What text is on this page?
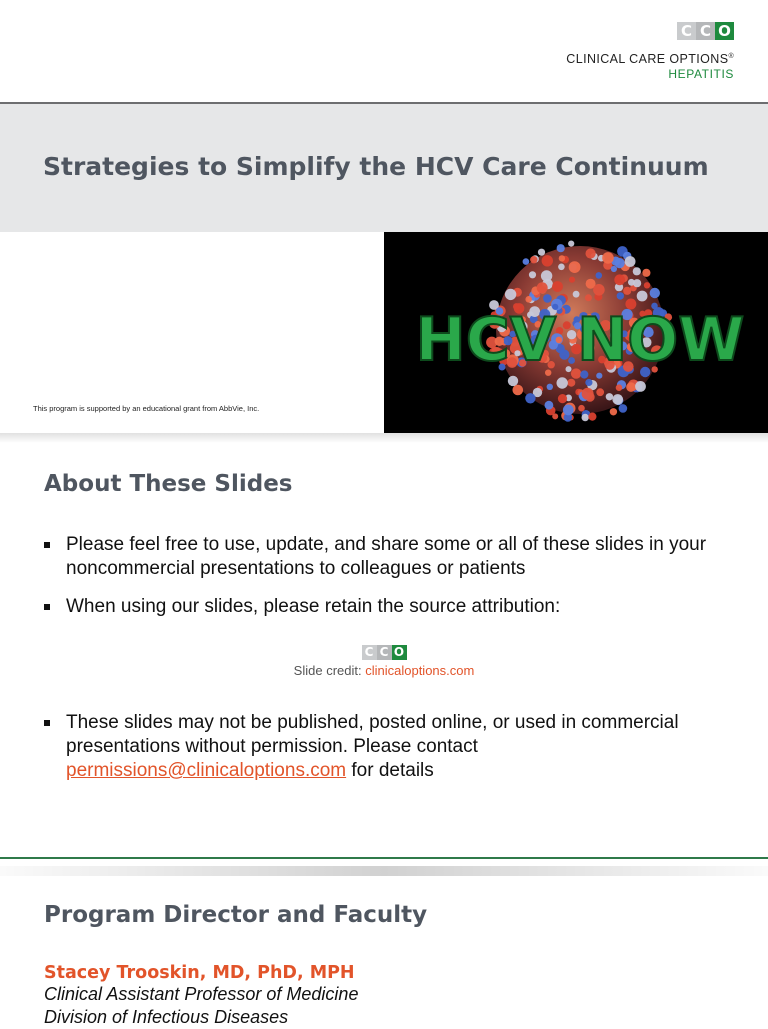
C C O
CLINICAL CARE OPTIONS®
HEPATITIS
Strategies to Simplify the HCV Care Continuum
This program is supported by an educational grant from AbbVie, Inc.
HCV NOW
About These Slides
Please feel free to use, update, and share some or all of these slides in your noncommercial presentations to colleagues or patients
When using our slides, please retain the source attribution:
C C O
Slide credit: clinicaloptions.com
These slides may not be published, posted online, or used in commercial presentations without permission. Please contact permissions@clinicaloptions.com for details
Program Director and Faculty
Stacey Trooskin, MD, PhD, MPH
Clinical Assistant Professor of Medicine
Division of Infectious Diseases
